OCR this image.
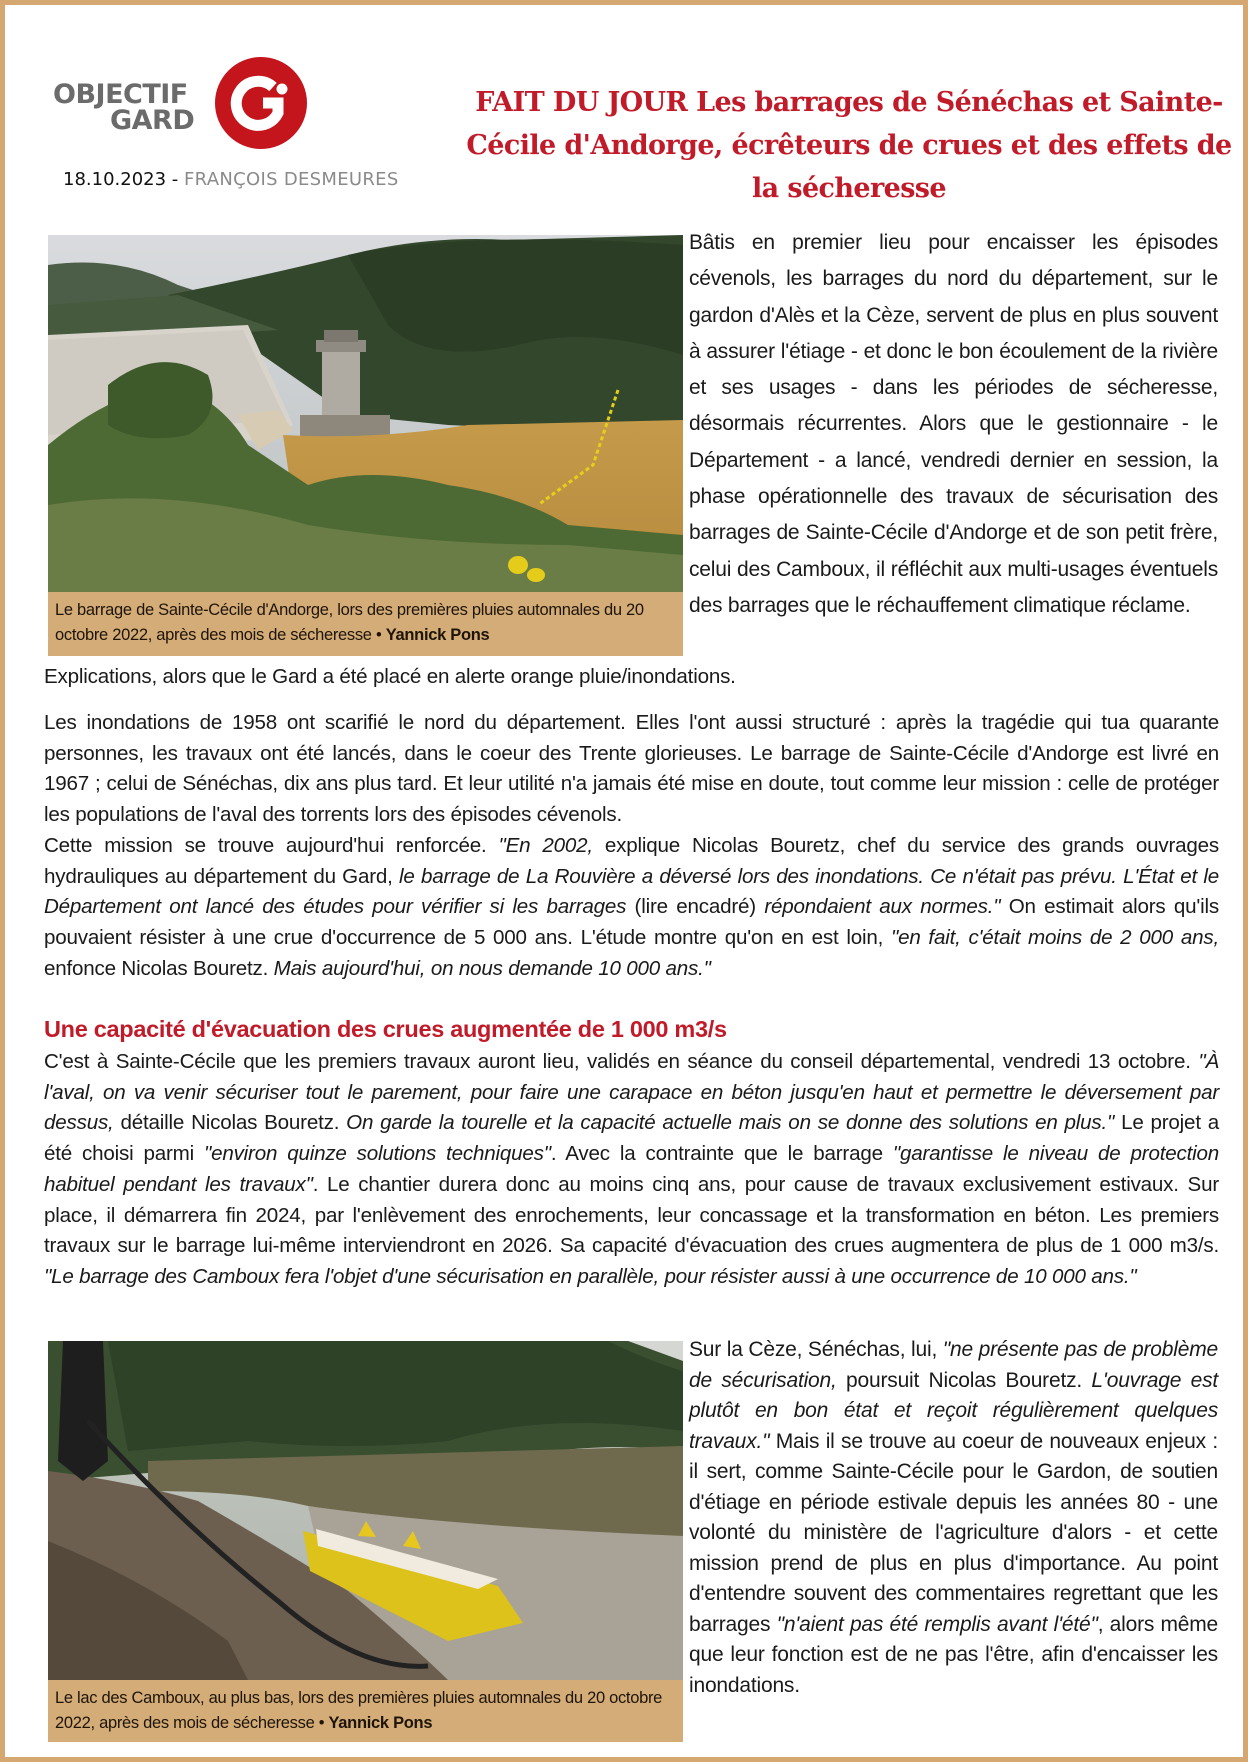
OBJECTIF
GARD
18.10.2023 - FRANÇOIS DESMEURES
FAIT DU JOUR Les barrages de Sénéchas et Sainte-Cécile d'Andorge, écrêteurs de crues et des effets de la sécheresse
Le barrage de Sainte-Cécile d'Andorge, lors des premières pluies automnales du 20 octobre 2022, après des mois de sécheresse • Yannick Pons

Bâtis en premier lieu pour encaisser les épisodes cévenols, les barrages du nord du département, sur le gardon d'Alès et la Cèze, servent de plus en plus souvent à assurer l'étiage - et donc le bon écoulement de la rivière et ses usages - dans les périodes de sécheresse, désormais récurrentes. Alors que le gestionnaire - le Département - a lancé, vendredi dernier en session, la phase opérationnelle des travaux de sécurisation des barrages de Sainte-Cécile d'Andorge et de son petit frère, celui des Camboux, il réfléchit aux multi-usages éventuels des barrages que le réchauffement climatique réclame.

Explications, alors que le Gard a été placé en alerte orange pluie/inondations.

Les inondations de 1958 ont scarifié le nord du département. Elles l'ont aussi structuré : après la tragédie qui tua quarante personnes, les travaux ont été lancés, dans le coeur des Trente glorieuses. Le barrage de Sainte-Cécile d'Andorge est livré en 1967 ; celui de Sénéchas, dix ans plus tard. Et leur utilité n'a jamais été mise en doute, tout comme leur mission : celle de protéger les populations de l'aval des torrents lors des épisodes cévenols.

Cette mission se trouve aujourd'hui renforcée. "En 2002, explique Nicolas Bouretz, chef du service des grands ouvrages hydrauliques au département du Gard, le barrage de La Rouvière a déversé lors des inondations. Ce n'était pas prévu. L'État et le Département ont lancé des études pour vérifier si les barrages (lire encadré) répondaient aux normes." On estimait alors qu'ils pouvaient résister à une crue d'occurrence de 5 000 ans. L'étude montre qu'on en est loin, "en fait, c'était moins de 2 000 ans, enfonce Nicolas Bouretz. Mais aujourd'hui, on nous demande 10 000 ans."

Une capacité d'évacuation des crues augmentée de 1 000 m3/s

C'est à Sainte-Cécile que les premiers travaux auront lieu, validés en séance du conseil départemental, vendredi 13 octobre. "À l'aval, on va venir sécuriser tout le parement, pour faire une carapace en béton jusqu'en haut et permettre le déversement par dessus, détaille Nicolas Bouretz. On garde la tourelle et la capacité actuelle mais on se donne des solutions en plus." Le projet a été choisi parmi "environ quinze solutions techniques". Avec la contrainte que le barrage "garantisse le niveau de protection habituel pendant les travaux". Le chantier durera donc au moins cinq ans, pour cause de travaux exclusivement estivaux. Sur place, il démarrera fin 2024, par l'enlèvement des enrochements, leur concassage et la transformation en béton. Les premiers travaux sur le barrage lui-même interviendront en 2026. Sa capacité d'évacuation des crues augmentera de plus de 1 000 m3/s. "Le barrage des Camboux fera l'objet d'une sécurisation en parallèle, pour résister aussi à une occurrence de 10 000 ans."

Le lac des Camboux, au plus bas, lors des premières pluies automnales du 20 octobre 2022, après des mois de sécheresse • Yannick Pons

Sur la Cèze, Sénéchas, lui, "ne présente pas de problème de sécurisation, poursuit Nicolas Bouretz. L'ouvrage est plutôt en bon état et reçoit régulièrement quelques travaux." Mais il se trouve au coeur de nouveaux enjeux : il sert, comme Sainte-Cécile pour le Gardon, de soutien d'étiage en période estivale depuis les années 80 - une volonté du ministère de l'agriculture d'alors - et cette mission prend de plus en plus d'importance. Au point d'entendre souvent des commentaires regrettant que les barrages "n'aient pas été remplis avant l'été", alors même que leur fonction est de ne pas l'être, afin d'encaisser les inondations.
